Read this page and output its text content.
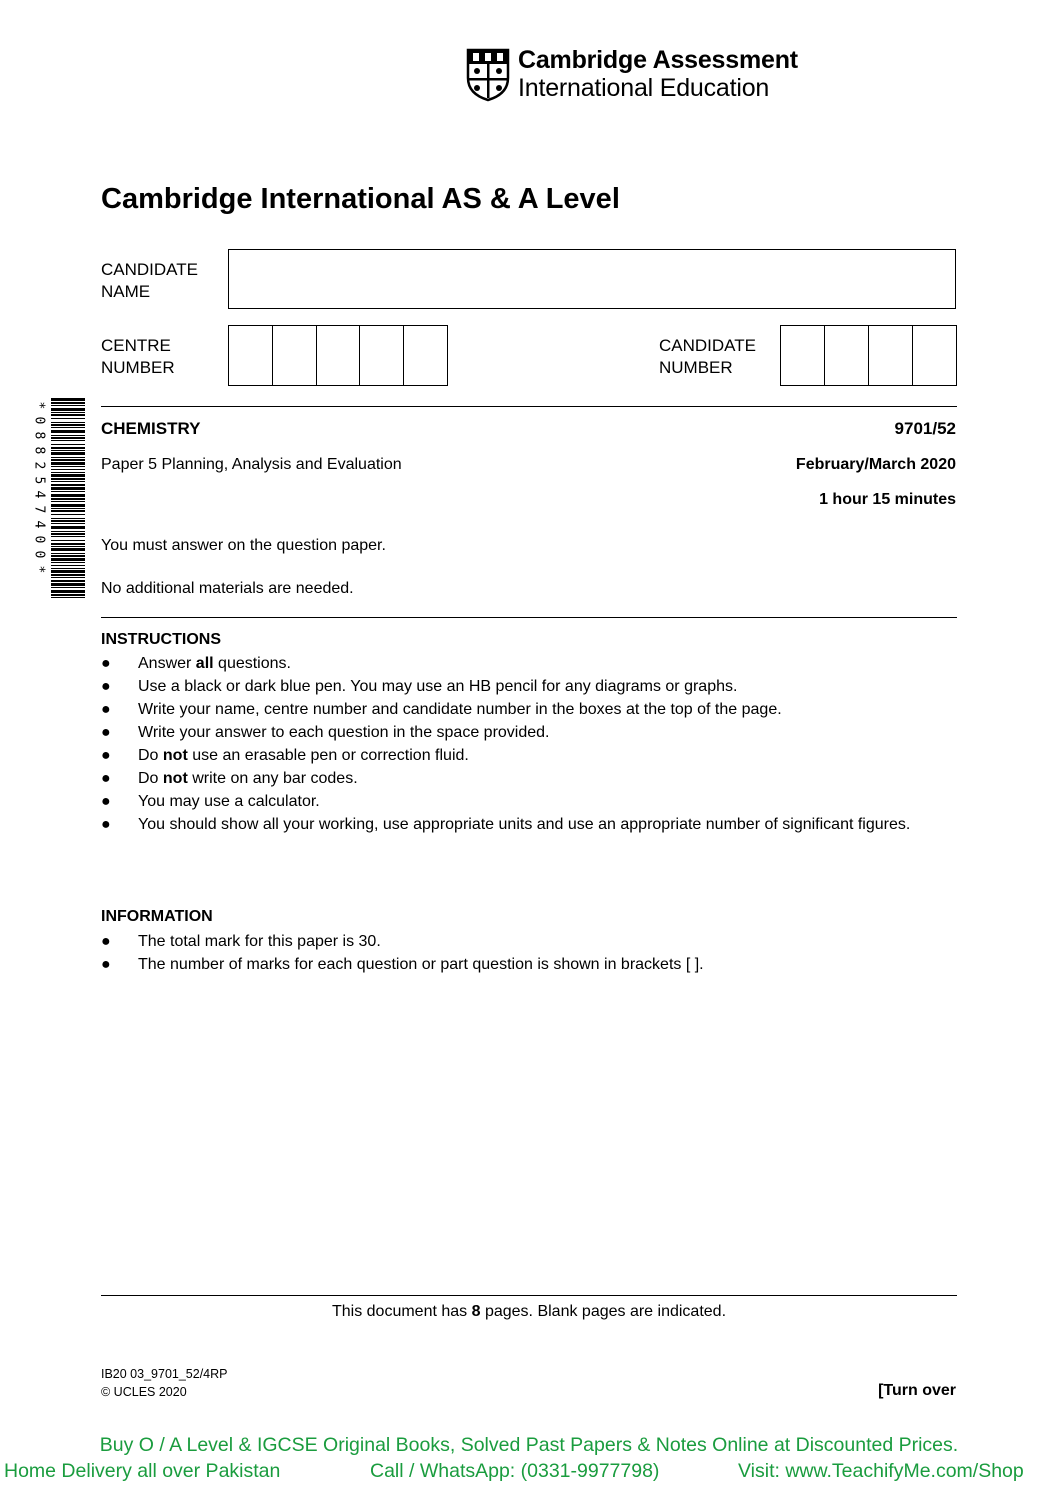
Cambridge Assessment
International Education
Cambridge International AS & A Level
CANDIDATE
NAME
CENTRE
NUMBER
CANDIDATE
NUMBER
*
0
8
8
2
5
4
7
4
0
0
*
CHEMISTRY	9701/52
Paper 5 Planning, Analysis and Evaluation	February/March 2020
1 hour 15 minutes
You must answer on the question paper.
No additional materials are needed.
INSTRUCTIONS
●	Answer all questions.
●	Use a black or dark blue pen. You may use an HB pencil for any diagrams or graphs.
●	Write your name, centre number and candidate number in the boxes at the top of the page.
●	Write your answer to each question in the space provided.
●	Do not use an erasable pen or correction fluid.
●	Do not write on any bar codes.
●	You may use a calculator.
●	You should show all your working, use appropriate units and use an appropriate number of significant figures.
INFORMATION
●	The total mark for this paper is 30.
●	The number of marks for each question or part question is shown in brackets [ ].
This document has 8 pages. Blank pages are indicated.
IB20 03_9701_52/4RP
© UCLES 2020	[Turn over
Buy O / A Level & IGCSE Original Books, Solved Past Papers & Notes Online at Discounted Prices.
Home Delivery all over Pakistan	Call / WhatsApp: (0331-9977798)	Visit: www.TeachifyMe.com/Shop
